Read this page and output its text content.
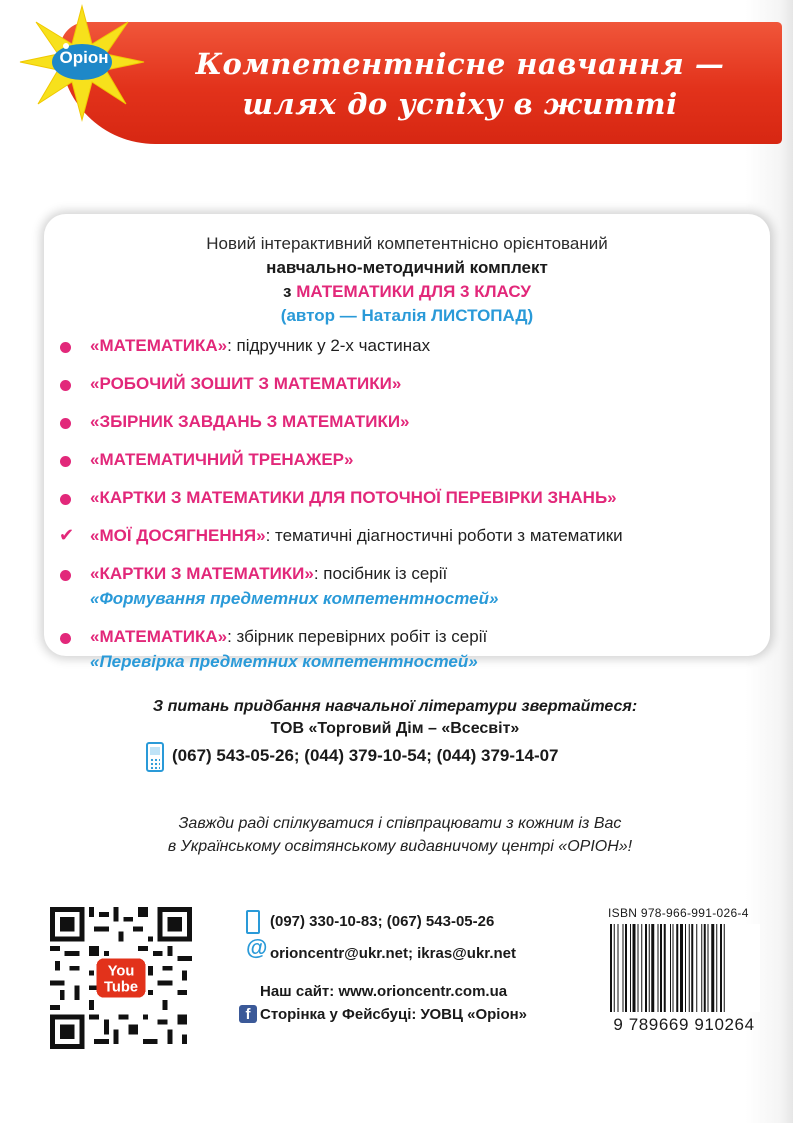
Оріон	Компетентнісне навчання —
шлях до успіху в житті
Новий інтерактивний компетентнісно орієнтований
навчально-методичний комплект
з МАТЕМАТИКИ ДЛЯ 3 КЛАСУ
(автор — Наталія ЛИСТОПАД)
«МАТЕМАТИКА»: підручник у 2-х частинах
«РОБОЧИЙ ЗОШИТ З МАТЕМАТИКИ»
«ЗБІРНИК ЗАВДАНЬ З МАТЕМАТИКИ»
«МАТЕМАТИЧНИЙ ТРЕНАЖЕР»
«КАРТКИ З МАТЕМАТИКИ ДЛЯ ПОТОЧНОЇ ПЕРЕВІРКИ ЗНАНЬ»
✔ «МОЇ ДОСЯГНЕННЯ»: тематичні діагностичні роботи з математики
«КАРТКИ З МАТЕМАТИКИ»: посібник із серії
«Формування предметних компетентностей»
«МАТЕМАТИКА»: збірник перевірних робіт із серії
«Перевірка предметних компетентностей»
З питань придбання навчальної літератури звертайтеся:
ТОВ «Торговий Дім – «Всесвіт»
(067) 543-05-26; (044) 379-10-54; (044) 379-14-07
Завжди раді спілкуватися і співпрацювати з кожним із Вас
в Українському освітянському видавничому центрі «ОРІОН»!
You
Tube
(097) 330-10-83; (067) 543-05-26
@ orioncentr@ukr.net; ikras@ukr.net
Наш сайт: www.orioncentr.com.ua
f Сторінка у Фейсбуці: УОВЦ «Оріон»
ISBN 978-966-991-026-4
9 789669 910264
